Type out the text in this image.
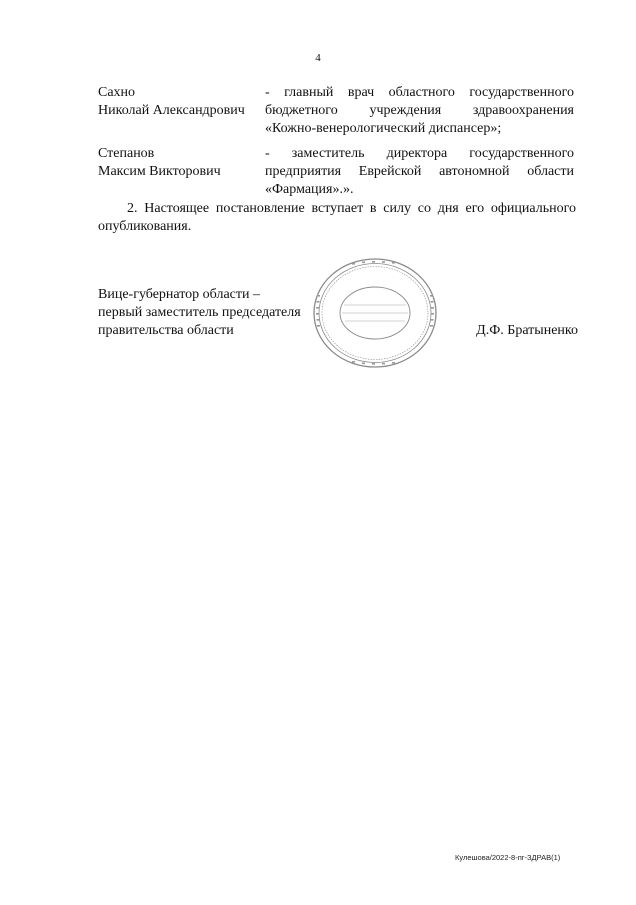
4
Сахно
Николай Александрович
- главный врач областного государственного
бюджетного учреждения здравоохранения
«Кожно-венерологический диспансер»;
Степанов
Максим Викторович
- заместитель директора государственного
предприятия Еврейской автономной области
«Фармация».».
2. Настоящее постановление вступает в силу со дня его официального
опубликования.
Вице-губернатор области –
первый заместитель председателя
правительства области	Д.Ф. Братыненко
Кулешова/2022-8-пг-ЗДРАВ(1)
